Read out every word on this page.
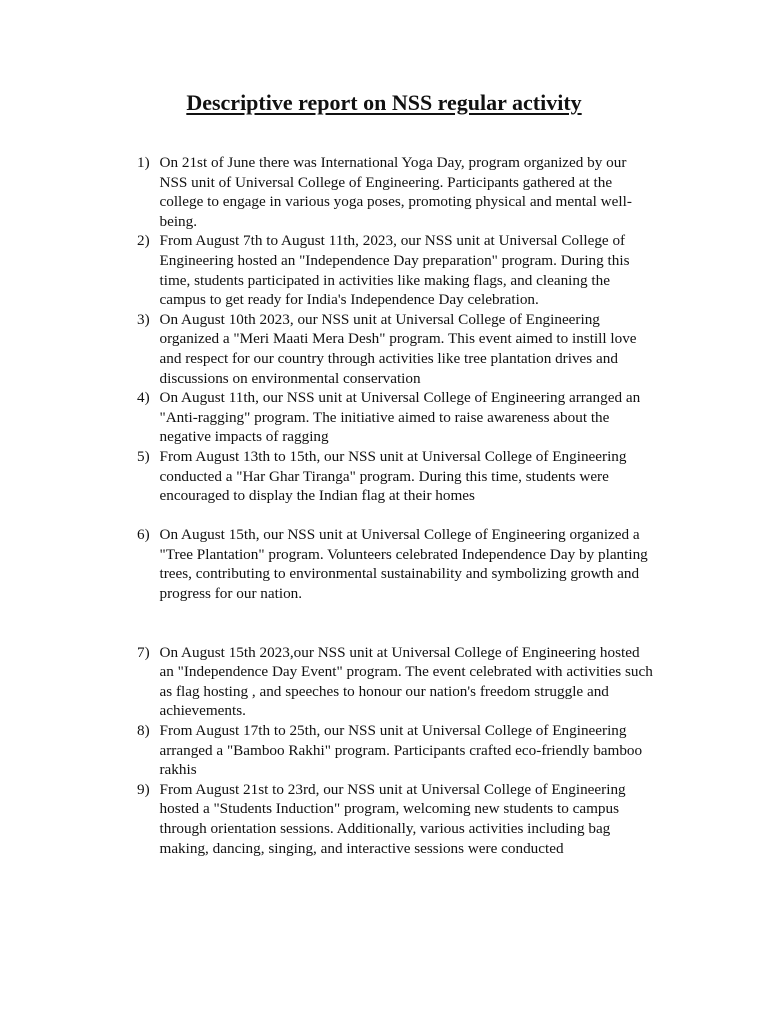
Descriptive report on NSS regular activity
1) On 21st of June there was International Yoga Day, program organized by our NSS unit of Universal College of Engineering. Participants gathered at the college to engage in various yoga poses, promoting physical and mental well-being.
2) From August 7th to August 11th, 2023, our NSS unit at Universal College of Engineering hosted an "Independence Day preparation" program. During this time, students participated in activities like making flags, and cleaning the campus to get ready for India's Independence Day celebration.
3) On August 10th 2023, our NSS unit at Universal College of Engineering organized a "Meri Maati Mera Desh" program. This event aimed to instill love and respect for our country through activities like tree plantation drives and discussions on environmental conservation
4) On August 11th, our NSS unit at Universal College of Engineering arranged an "Anti-ragging" program. The initiative aimed to raise awareness about the negative impacts of ragging
5) From August 13th to 15th, our NSS unit at Universal College of Engineering conducted a "Har Ghar Tiranga" program. During this time, students were encouraged to display the Indian flag at their homes
6) On August 15th, our NSS unit at Universal College of Engineering organized a "Tree Plantation" program. Volunteers celebrated Independence Day by planting trees, contributing to environmental sustainability and symbolizing growth and progress for our nation.
7) On August 15th 2023,our NSS unit at Universal College of Engineering hosted an "Independence Day Event" program. The event celebrated with activities such as flag hosting , and speeches to honour our nation's freedom struggle and achievements.
8) From August 17th to 25th, our NSS unit at Universal College of Engineering arranged a "Bamboo Rakhi" program. Participants crafted eco-friendly bamboo rakhis
9) From August 21st to 23rd, our NSS unit at Universal College of Engineering hosted a "Students Induction" program, welcoming new students to campus through orientation sessions. Additionally, various activities including bag making, dancing, singing, and interactive sessions were conducted
